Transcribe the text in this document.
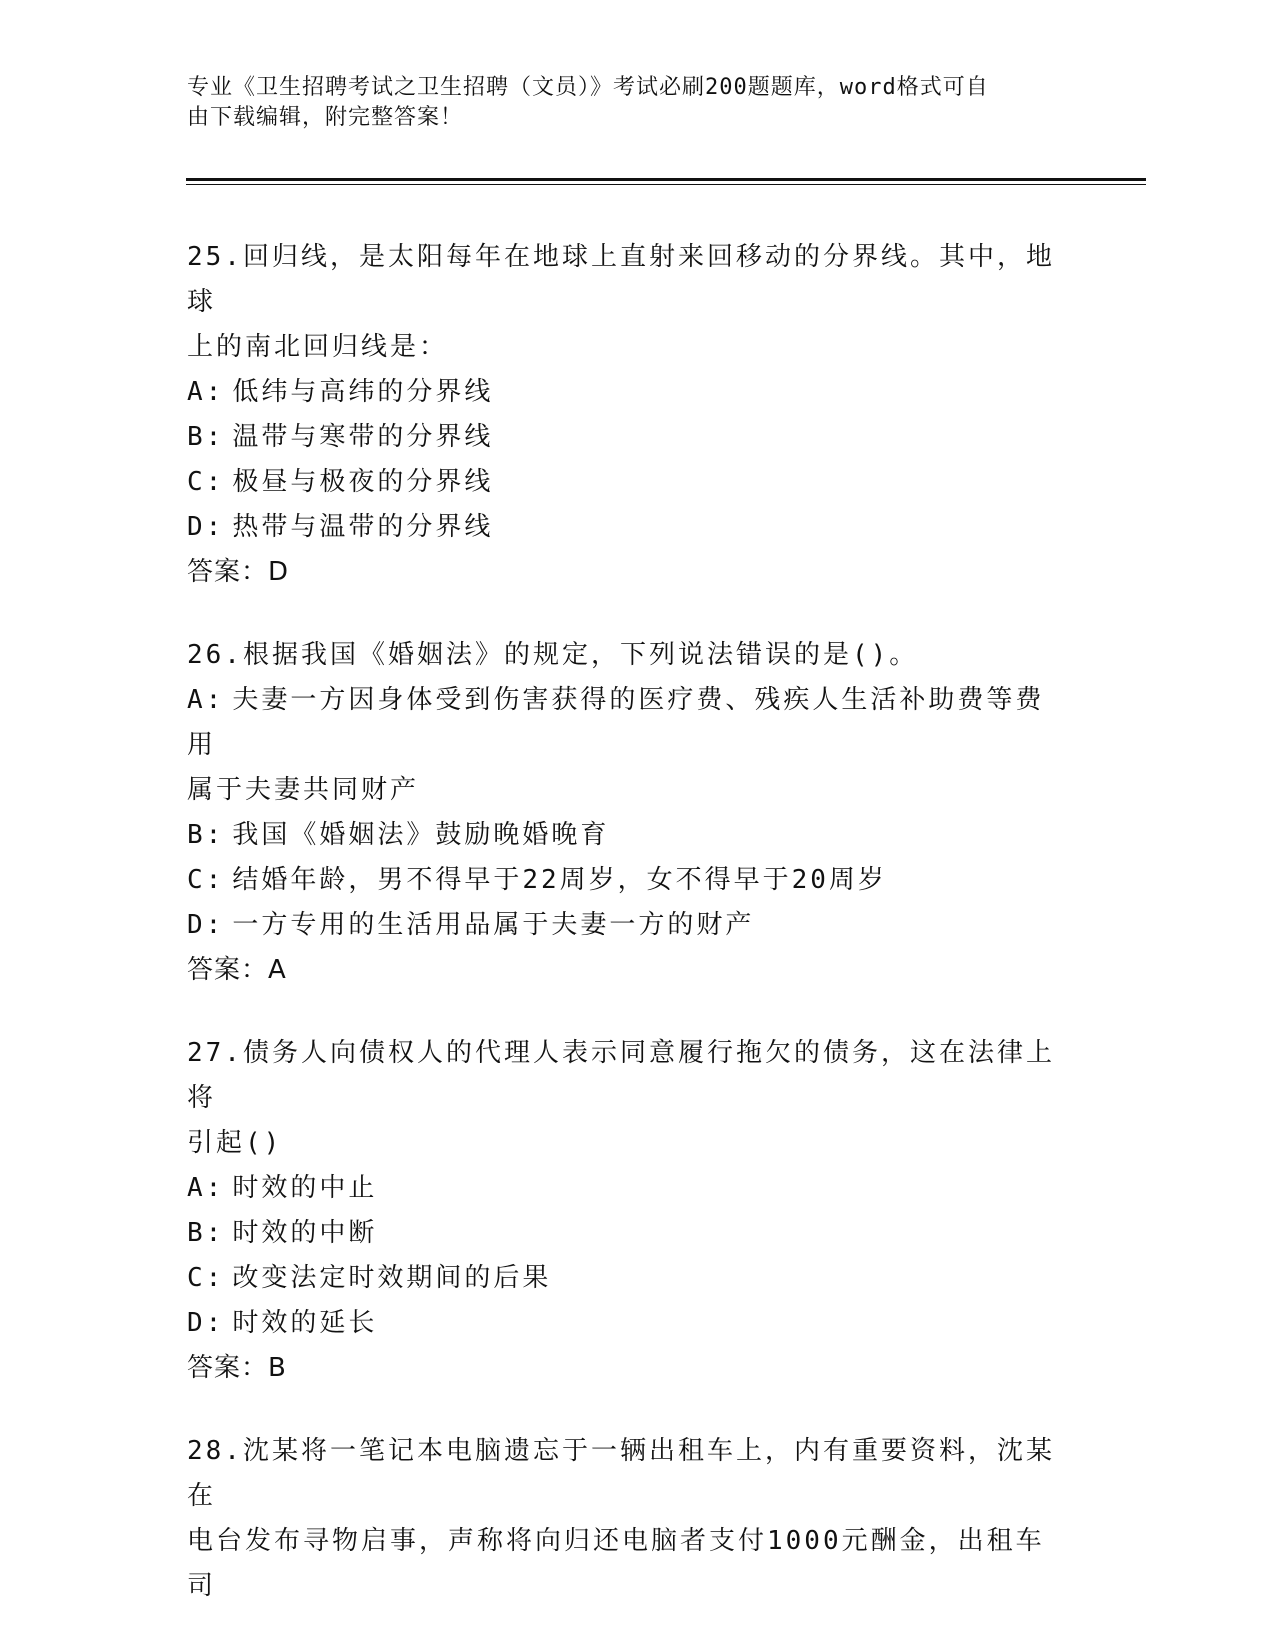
专业《卫生招聘考试之卫生招聘（文员）》考试必刷200题题库，word格式可自
由下载编辑，附完整答案！
25.回归线，是太阳每年在地球上直射来回移动的分界线。其中，地球
上的南北回归线是：
A: 低纬与高纬的分界线
B: 温带与寒带的分界线
C: 极昼与极夜的分界线
D: 热带与温带的分界线
答案：D
26.根据我国《婚姻法》的规定，下列说法错误的是()。
A: 夫妻一方因身体受到伤害获得的医疗费、残疾人生活补助费等费用
属于夫妻共同财产
B: 我国《婚姻法》鼓励晚婚晚育
C: 结婚年龄，男不得早于22周岁，女不得早于20周岁
D: 一方专用的生活用品属于夫妻一方的财产
答案：A
27.债务人向债权人的代理人表示同意履行拖欠的债务，这在法律上将
引起()
A: 时效的中止
B: 时效的中断
C: 改变法定时效期间的后果
D: 时效的延长
答案：B
28.沈某将一笔记本电脑遗忘于一辆出租车上，内有重要资料，沈某在
电台发布寻物启事，声称将向归还电脑者支付1000元酬金，出租车司
